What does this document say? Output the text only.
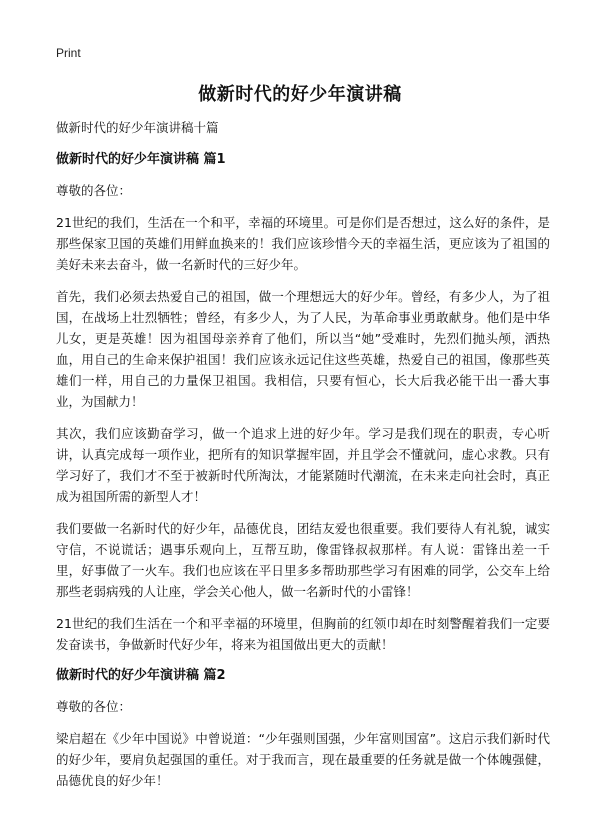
Print
做新时代的好少年演讲稿

做新时代的好少年演讲稿十篇

做新时代的好少年演讲稿 篇1

尊敬的各位：

21世纪的我们，生活在一个和平，幸福的环境里。可是你们是否想过，这么好的条件，是那些保家卫国的英雄们用鲜血换来的！我们应该珍惜今天的幸福生活，更应该为了祖国的美好未来去奋斗，做一名新时代的三好少年。

首先，我们必须去热爱自己的祖国，做一个理想远大的好少年。曾经，有多少人，为了祖国，在战场上壮烈牺牲；曾经，有多少人，为了人民，为革命事业勇敢献身。他们是中华儿女，更是英雄！因为祖国母亲养育了他们，所以当“她”受难时，先烈们抛头颅，洒热血，用自己的生命来保护祖国！我们应该永远记住这些英雄，热爱自己的祖国，像那些英雄们一样，用自己的力量保卫祖国。我相信，只要有恒心，长大后我必能干出一番大事业，为国献力！

其次，我们应该勤奋学习，做一个追求上进的好少年。学习是我们现在的职责，专心听讲，认真完成每一项作业，把所有的知识掌握牢固，并且学会不懂就问，虚心求教。只有学习好了，我们才不至于被新时代所淘汰，才能紧随时代潮流，在未来走向社会时，真正成为祖国所需的新型人才！

我们要做一名新时代的好少年，品德优良，团结友爱也很重要。我们要待人有礼貌，诚实守信，不说谎话；遇事乐观向上，互帮互助，像雷锋叔叔那样。有人说：雷锋出差一千里，好事做了一火车。我们也应该在平日里多多帮助那些学习有困难的同学，公交车上给那些老弱病残的人让座，学会关心他人，做一名新时代的小雷锋！

21世纪的我们生活在一个和平幸福的环境里，但胸前的红领巾却在时刻警醒着我们一定要发奋读书，争做新时代好少年，将来为祖国做出更大的贡献！

做新时代的好少年演讲稿 篇2

尊敬的各位：

梁启超在《少年中国说》中曾说道：“少年强则国强，少年富则国富”。这启示我们新时代的好少年，要肩负起强国的重任。对于我而言，现在最重要的任务就是做一个体魄强健，品德优良的好少年！
